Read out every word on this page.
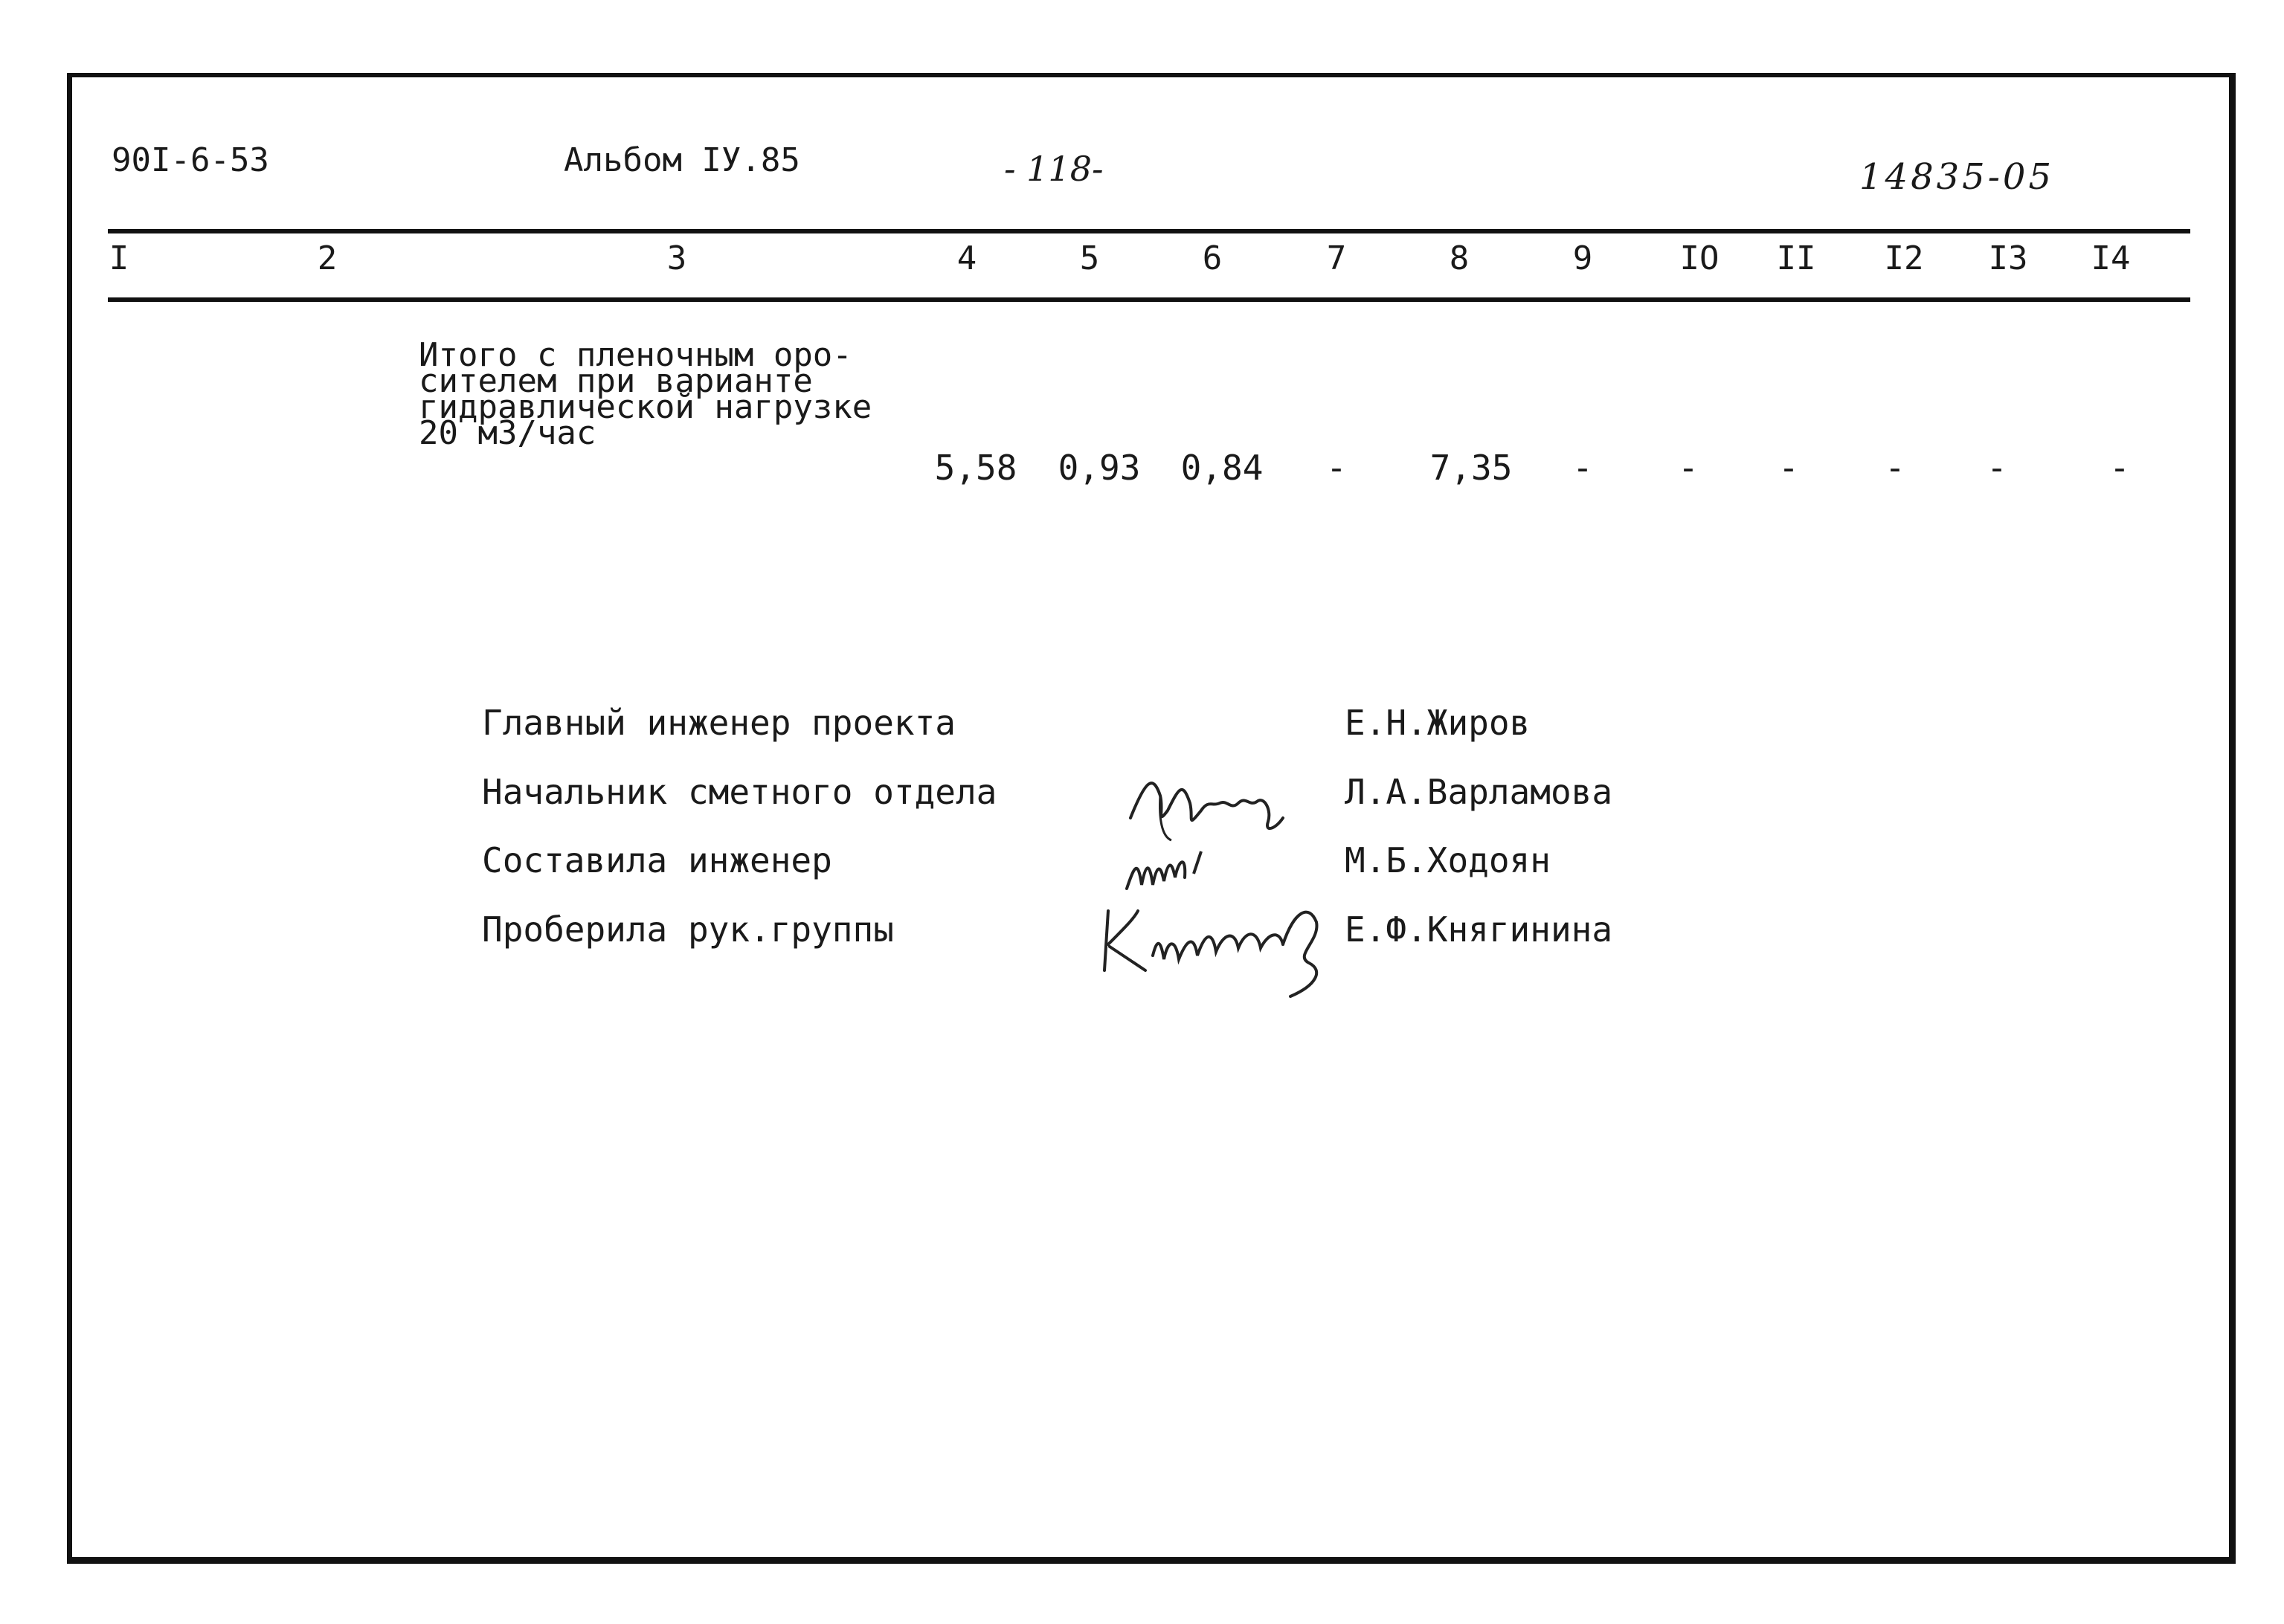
90I-6-53	Альбом IУ.85	- 118-	14835-05
I	2	3	4	5	6	7	8	9	IO II I2 I3 I4
Итого с пленочным оро-
сителем при варианте
гидравлической нагрузке
20 м3/час
5,58 0,93 0,84 - 7,35 - - -	- -	-
Главный инженер проекта	Е.Н.Жиров
Начальник сметного отдела	Л.А.Варламова
Составила инженер	М.Б.Ходоян
Проберила рук.группы	Е.Ф.Княгинина
